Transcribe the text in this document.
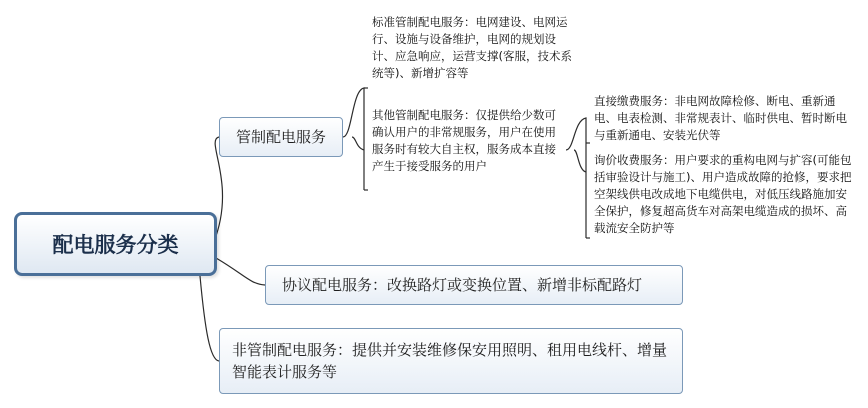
配电服务分类
管制配电服务
协议配电服务：改换路灯或变换位置、新增非标配路灯
非管制配电服务：提供并安装维修保安用照明、租用电线杆、增量智能表计服务等
标准管制配电服务：电网建设、电网运行、设施与设备维护，电网的规划设计、应急响应，运营支撑(客服，技术系统等)、新增扩容等
其他管制配电服务：仅提供给少数可确认用户的非常规服务，用户在使用服务时有较大自主权，服务成本直接产生于接受服务的用户
直接缴费服务：非电网故障检修、断电、重新通电、电表检测、非常规表计、临时供电、暂时断电与重新通电、安装光伏等
询价收费服务：用户要求的重构电网与扩容(可能包括审验设计与施工)、用户造成故障的抢修，要求把空架线供电改成地下电缆供电，对低压线路施加安全保护，修复超高货车对高架电缆造成的损坏、高载流安全防护等
